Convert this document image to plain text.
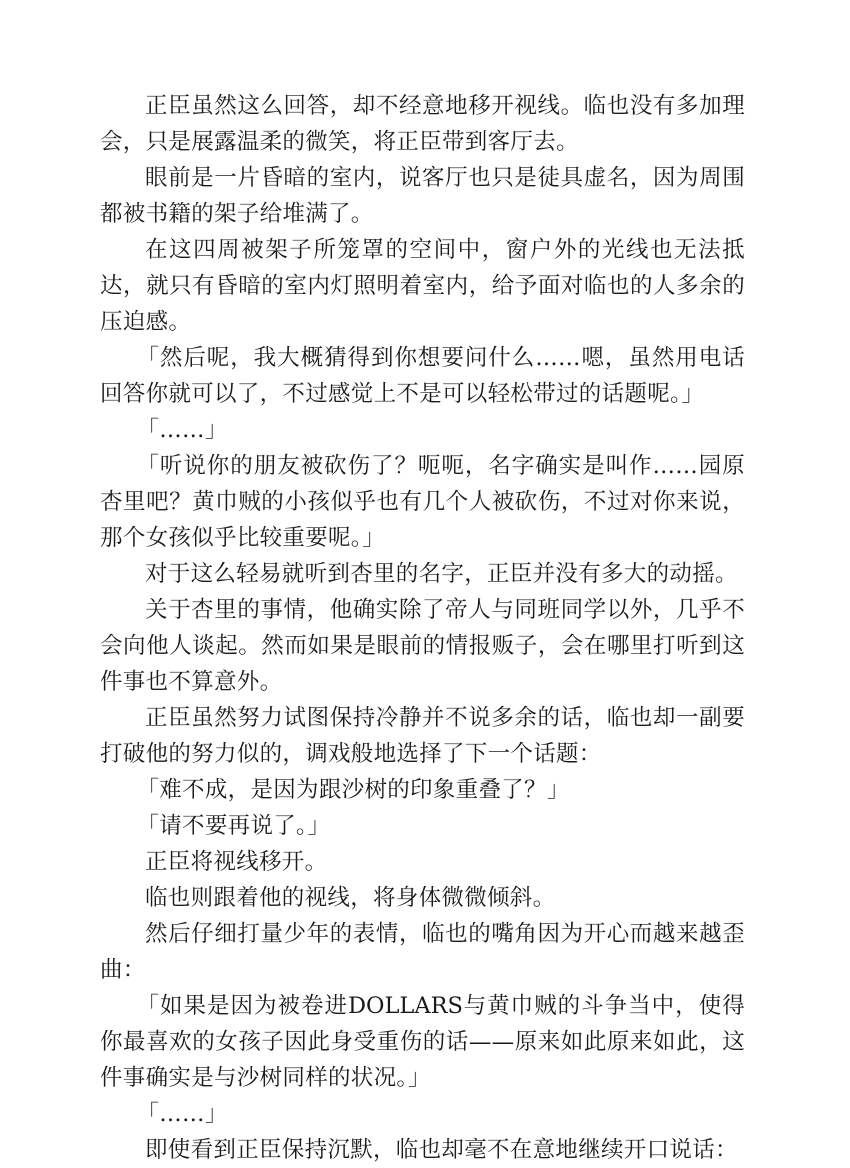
正臣虽然这么回答，却不经意地移开视线。临也没有多加理会，只是展露温柔的微笑，将正臣带到客厅去。

眼前是一片昏暗的室内，说客厅也只是徒具虚名，因为周围都被书籍的架子给堆满了。

在这四周被架子所笼罩的空间中，窗户外的光线也无法抵达，就只有昏暗的室内灯照明着室内，给予面对临也的人多余的压迫感。

「然后呢，我大概猜得到你想要问什么……嗯，虽然用电话回答你就可以了，不过感觉上不是可以轻松带过的话题呢。」

「……」

「听说你的朋友被砍伤了？呃呃，名字确实是叫作……园原杏里吧？黄巾贼的小孩似乎也有几个人被砍伤，不过对你来说，那个女孩似乎比较重要呢。」

对于这么轻易就听到杏里的名字，正臣并没有多大的动摇。

关于杏里的事情，他确实除了帝人与同班同学以外，几乎不会向他人谈起。然而如果是眼前的情报贩子，会在哪里打听到这件事也不算意外。

正臣虽然努力试图保持冷静并不说多余的话，临也却一副要打破他的努力似的，调戏般地选择了下一个话题：

「难不成，是因为跟沙树的印象重叠了？」

「请不要再说了。」

正臣将视线移开。

临也则跟着他的视线，将身体微微倾斜。

然后仔细打量少年的表情，临也的嘴角因为开心而越来越歪曲：

「如果是因为被卷进DOLLARS与黄巾贼的斗争当中，使得你最喜欢的女孩子因此身受重伤的话——原来如此原来如此，这件事确实是与沙树同样的状况。」

「……」

即使看到正臣保持沉默，临也却毫不在意地继续开口说话：
